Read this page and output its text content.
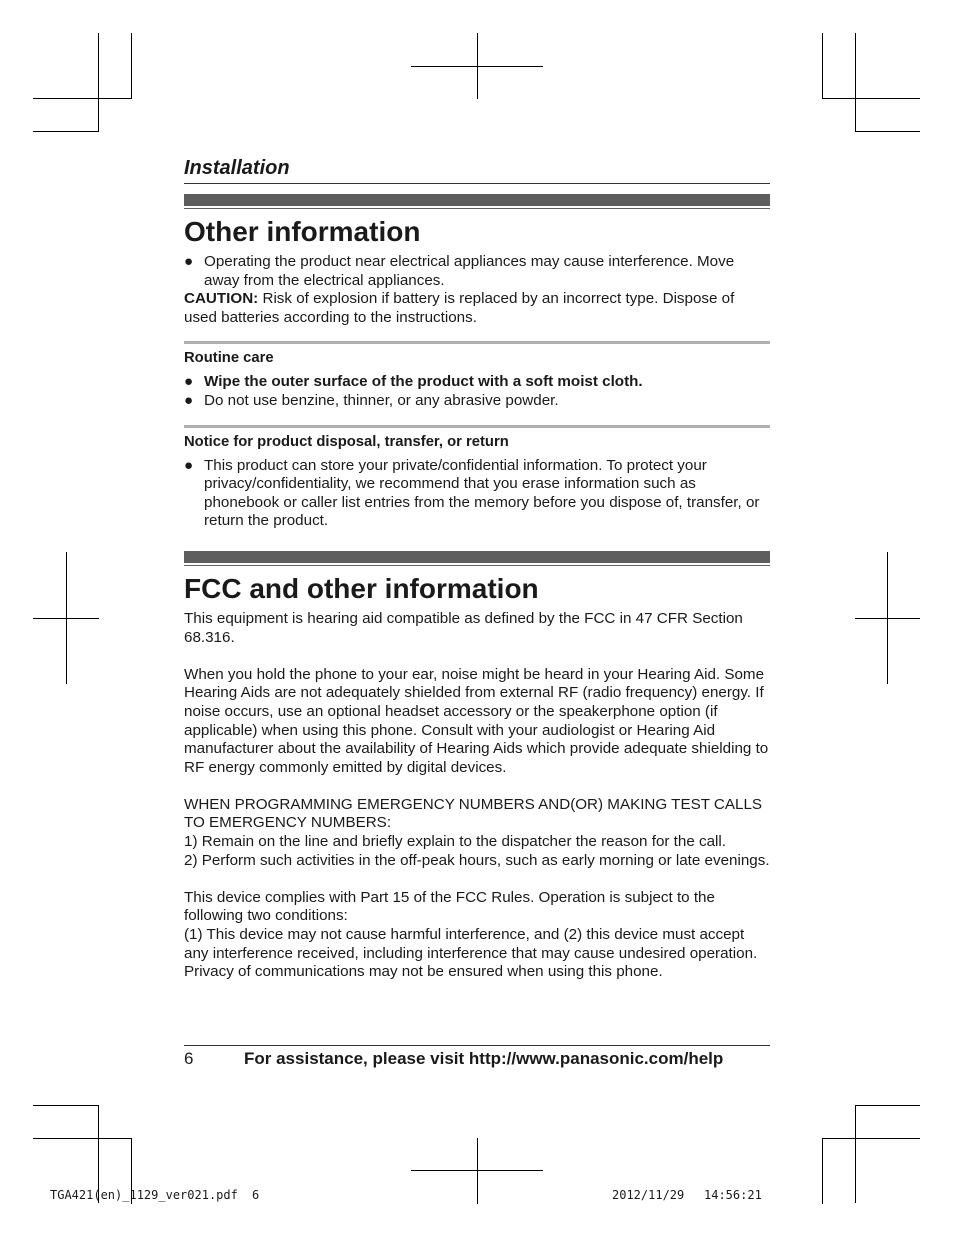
Installation
Other information
● Operating the product near electrical appliances may cause interference. Move away from the electrical appliances.

CAUTION: Risk of explosion if battery is replaced by an incorrect type. Dispose of used batteries according to the instructions.

Routine care
● Wipe the outer surface of the product with a soft moist cloth.
● Do not use benzine, thinner, or any abrasive powder.
Notice for product disposal, transfer, or return
● This product can store your private/confidential information. To protect your privacy/confidentiality, we recommend that you erase information such as phonebook or caller list entries from the memory before you dispose of, transfer, or return the product.
FCC and other information

This equipment is hearing aid compatible as defined by the FCC in 47 CFR Section 68.316.

When you hold the phone to your ear, noise might be heard in your Hearing Aid. Some Hearing Aids are not adequately shielded from external RF (radio frequency) energy. If noise occurs, use an optional headset accessory or the speakerphone option (if applicable) when using this phone. Consult with your audiologist or Hearing Aid manufacturer about the availability of Hearing Aids which provide adequate shielding to RF energy commonly emitted by digital devices.

WHEN PROGRAMMING EMERGENCY NUMBERS AND(OR) MAKING TEST CALLS TO EMERGENCY NUMBERS:

1) Remain on the line and briefly explain to the dispatcher the reason for the call.

2) Perform such activities in the off-peak hours, such as early morning or late evenings.

This device complies with Part 15 of the FCC Rules. Operation is subject to the following two conditions:

(1) This device may not cause harmful interference, and (2) this device must accept any interference received, including interference that may cause undesired operation.

Privacy of communications may not be ensured when using this phone.

6	For assistance, please visit http://www.panasonic.com/help
TGA421(en)_1129_ver021.pdf 6	2012/11/29 14:56:21
